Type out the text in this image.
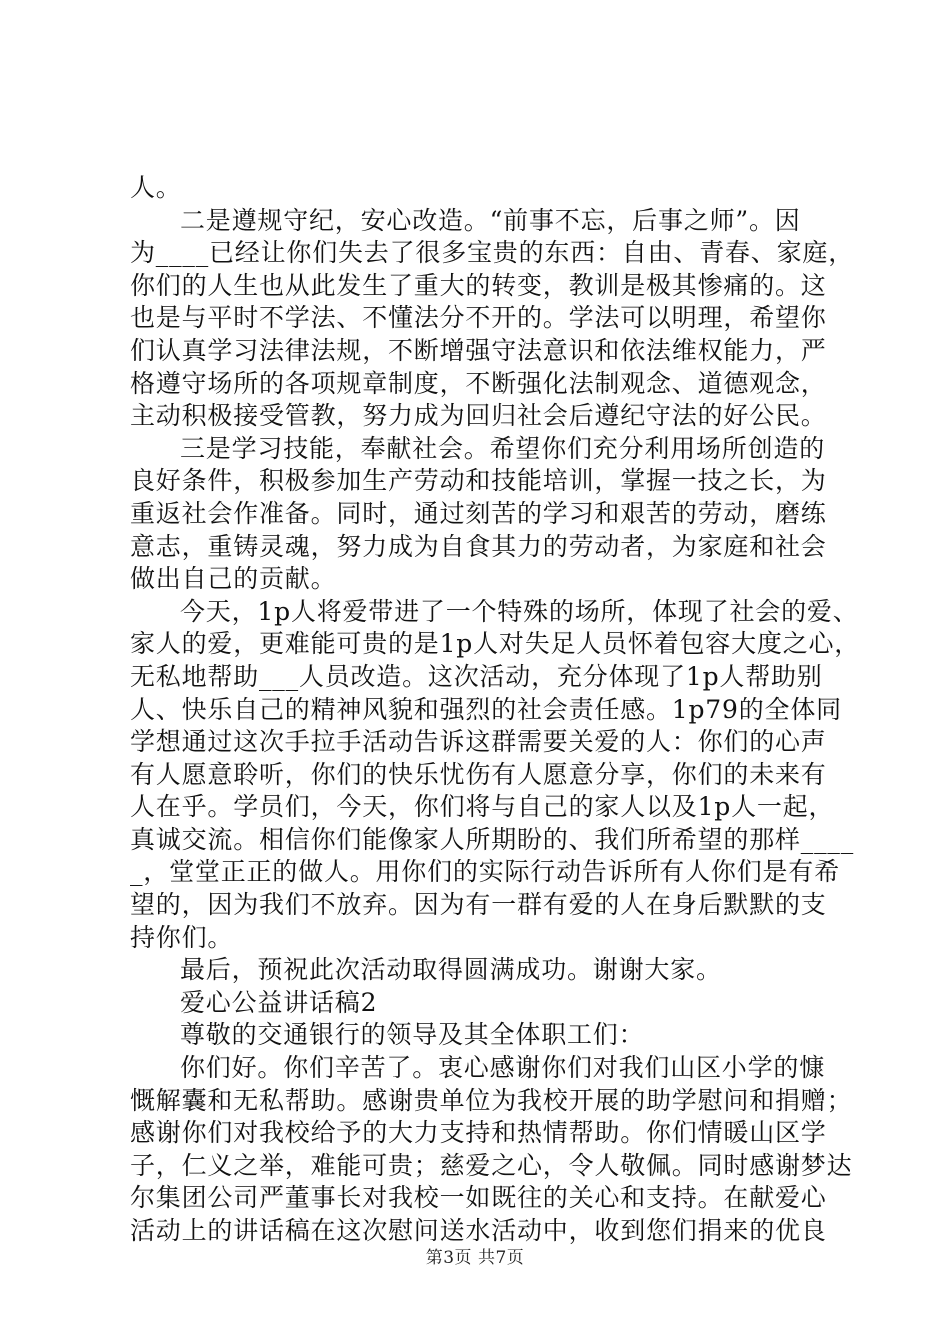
人。
二是遵规守纪，安心改造。“前事不忘，后事之师”。因
为____已经让你们失去了很多宝贵的东西：自由、青春、家庭，
你们的人生也从此发生了重大的转变，教训是极其惨痛的。这
也是与平时不学法、不懂法分不开的。学法可以明理，希望你
们认真学习法律法规，不断增强守法意识和依法维权能力，严
格遵守场所的各项规章制度，不断强化法制观念、道德观念，
主动积极接受管教，努力成为回归社会后遵纪守法的好公民。
三是学习技能，奉献社会。希望你们充分利用场所创造的
良好条件，积极参加生产劳动和技能培训，掌握一技之长，为
重返社会作准备。同时，通过刻苦的学习和艰苦的劳动，磨练
意志，重铸灵魂，努力成为自食其力的劳动者，为家庭和社会
做出自己的贡献。
今天，1p人将爱带进了一个特殊的场所，体现了社会的爱、
家人的爱，更难能可贵的是1p人对失足人员怀着包容大度之心，
无私地帮助___人员改造。这次活动，充分体现了1p人帮助别
人、快乐自己的精神风貌和强烈的社会责任感。1p79的全体同
学想通过这次手拉手活动告诉这群需要关爱的人：你们的心声
有人愿意聆听，你们的快乐忧伤有人愿意分享，你们的未来有
人在乎。学员们，今天，你们将与自己的家人以及1p人一起，
真诚交流。相信你们能像家人所期盼的、我们所希望的那样____
_，堂堂正正的做人。用你们的实际行动告诉所有人你们是有希
望的，因为我们不放弃。因为有一群有爱的人在身后默默的支
持你们。
最后，预祝此次活动取得圆满成功。谢谢大家。
爱心公益讲话稿2
尊敬的交通银行的领导及其全体职工们：
你们好。你们辛苦了。衷心感谢你们对我们山区小学的慷
慨解囊和无私帮助。感谢贵单位为我校开展的助学慰问和捐赠；
感谢你们对我校给予的大力支持和热情帮助。你们情暖山区学
子，仁义之举，难能可贵；慈爱之心，令人敬佩。同时感谢梦达
尔集团公司严董事长对我校一如既往的关心和支持。在献爱心
活动上的讲话稿在这次慰问送水活动中，收到您们捐来的优良
第3页 共7页
